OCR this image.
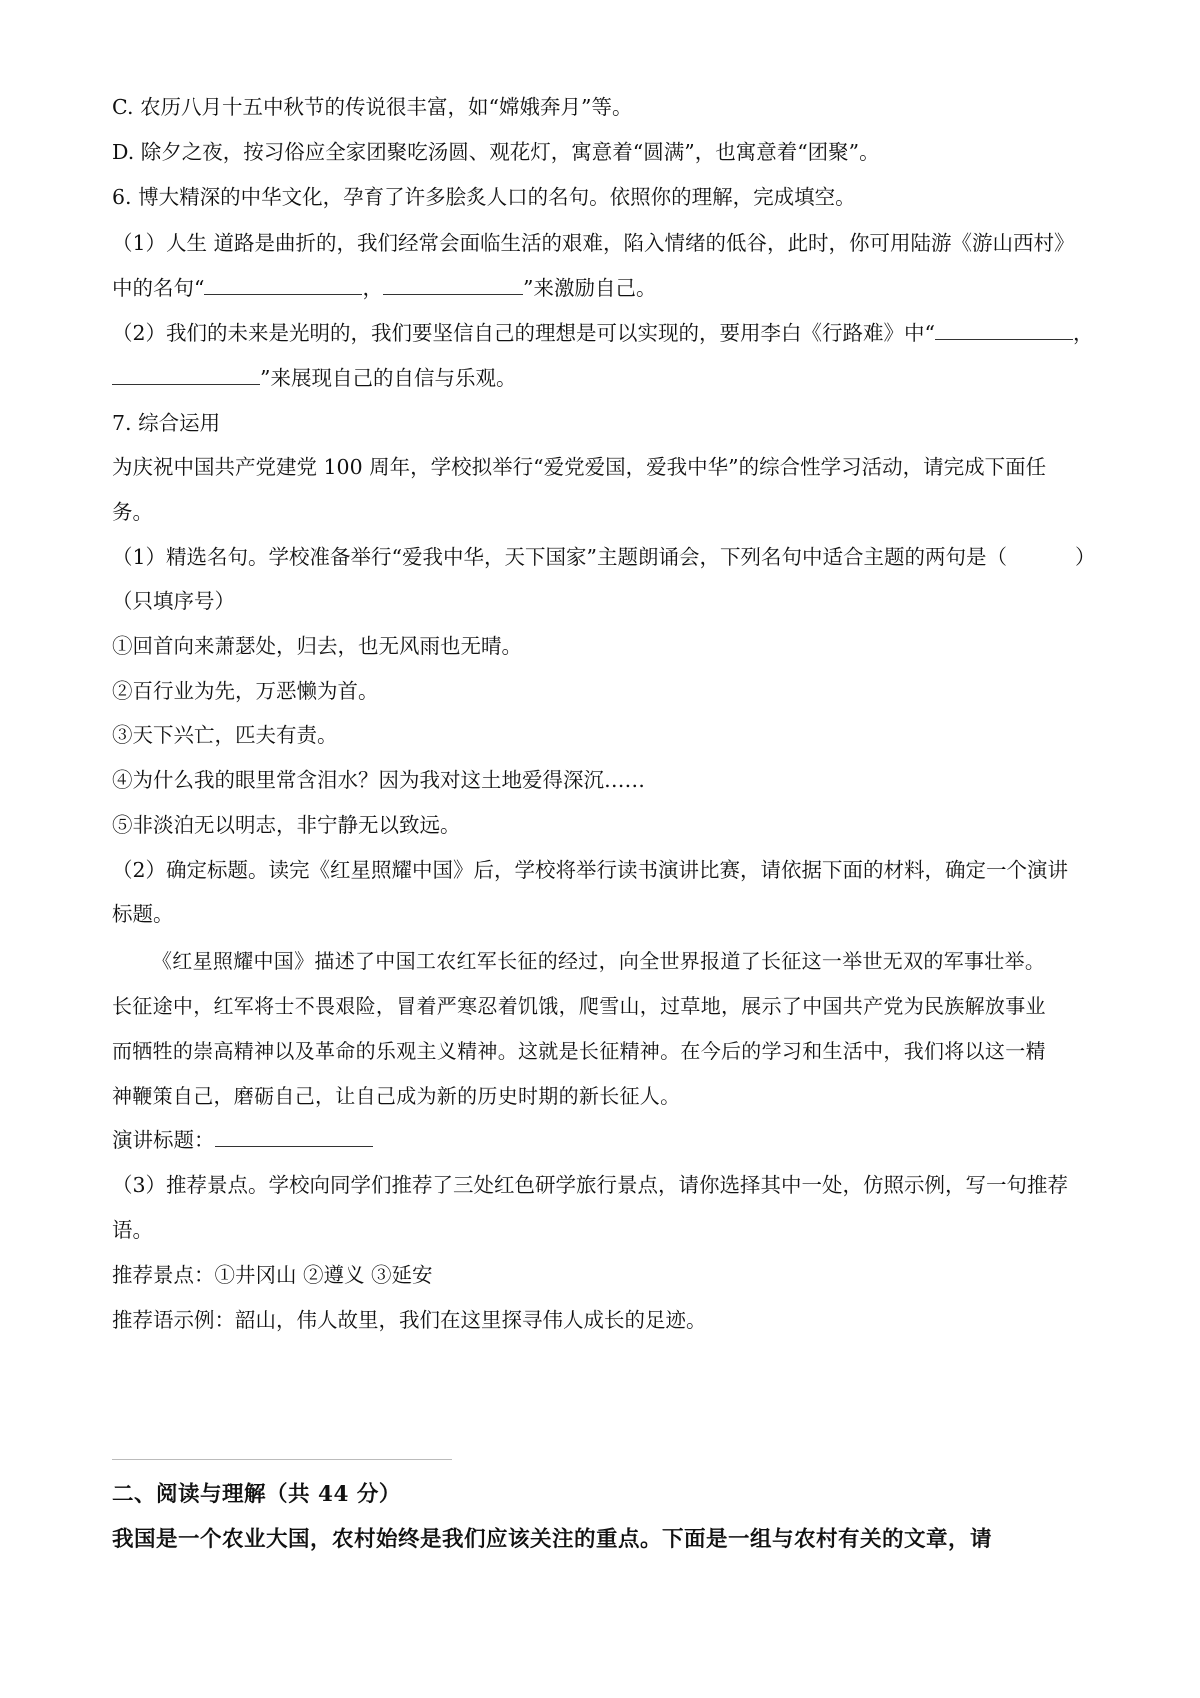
C. 农历八月十五中秋节的传说很丰富，如“嫦娥奔月”等。
D. 除夕之夜，按习俗应全家团聚吃汤圆、观花灯，寓意着“圆满”，也寓意着“团聚”。
6. 博大精深的中华文化，孕育了许多脍炙人口的名句。依照你的理解，完成填空。
（1）人生 道路是曲折的，我们经常会面临生活的艰难，陷入情绪的低谷，此时，你可用陆游《游山西村》
中的名句“	，	”来激励自己。
（2）我们的未来是光明的，我们要坚信自己的理想是可以实现的，要用李白《行路难》中“	，
”来展现自己的自信与乐观。
7. 综合运用
为庆祝中国共产党建党 100 周年，学校拟举行“爱党爱国，爱我中华”的综合性学习活动，请完成下面任
务。
（1）精选名句。学校准备举行“爱我中华，天下国家”主题朗诵会，下列名句中适合主题的两句是（	）
（只填序号）
①回首向来萧瑟处，归去，也无风雨也无晴。
②百行业为先，万恶懒为首。
③天下兴亡，匹夫有责。
④为什么我的眼里常含泪水？因为我对这土地爱得深沉……
⑤非淡泊无以明志，非宁静无以致远。
（2）确定标题。读完《红星照耀中国》后，学校将举行读书演讲比赛，请依据下面的材料，确定一个演讲
标题。
《红星照耀中国》描述了中国工农红军长征的经过，向全世界报道了长征这一举世无双的军事壮举。
长征途中，红军将士不畏艰险，冒着严寒忍着饥饿，爬雪山，过草地，展示了中国共产党为民族解放事业
而牺牲的崇高精神以及革命的乐观主义精神。这就是长征精神。在今后的学习和生活中，我们将以这一精
神鞭策自己，磨砺自己，让自己成为新的历史时期的新长征人。
演讲标题：
（3）推荐景点。学校向同学们推荐了三处红色研学旅行景点，请你选择其中一处，仿照示例，写一句推荐
语。
推荐景点：①井冈山 ②遵义 ③延安
推荐语示例：韶山，伟人故里，我们在这里探寻伟人成长的足迹。
二、阅读与理解（共 44 分）
我国是一个农业大国，农村始终是我们应该关注的重点。下面是一组与农村有关的文章，请
